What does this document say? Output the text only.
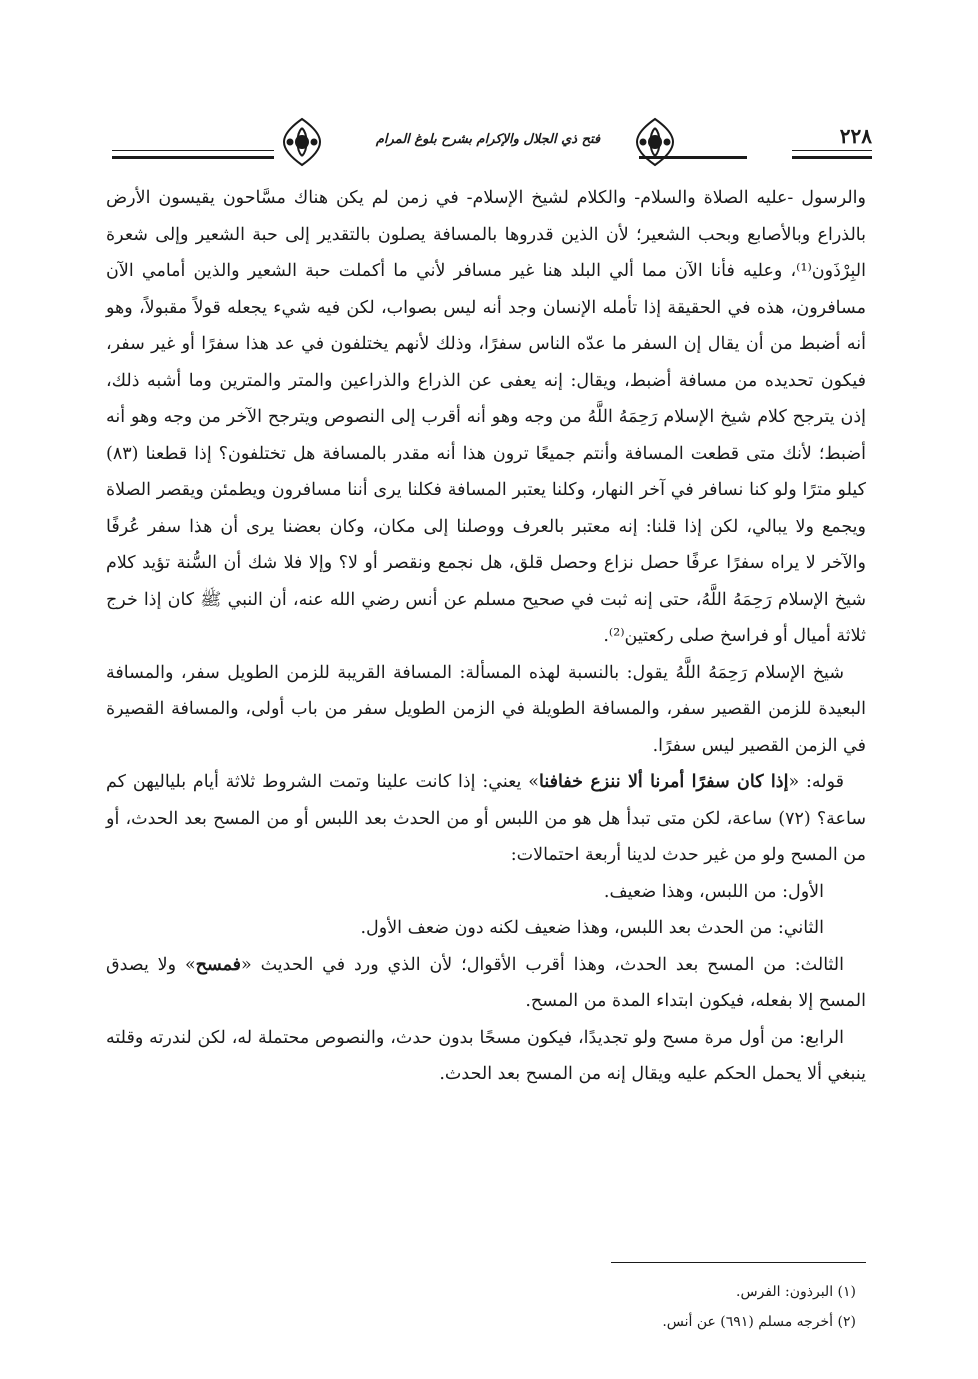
٢٢٨
فتح ذي الجلال والإكرام بشرح بلوغ المرام

والرسول -عليه الصلاة والسلام- والكلام لشيخ الإسلام- في زمن لم يكن هناك مسَّاحون يقيسون الأرض بالذراع وبالأصابع وبحب الشعير؛ لأن الذين قدروها بالمسافة يصلون بالتقدير إلى حبة الشعير وإلى شعرة البِرْذَون⁽¹⁾، وعليه فأنا الآن مما ألي البلد هنا غير مسافر لأني ما أكملت حبة الشعير والذين أمامي الآن مسافرون، هذه في الحقيقة إذا تأمله الإنسان وجد أنه ليس بصواب، لكن فيه شيء يجعله قولاً مقبولاً، وهو أنه أضبط من أن يقال إن السفر ما عدّه الناس سفرًا، وذلك لأنهم يختلفون في عد هذا سفرًا أو غير سفر، فيكون تحديده من مسافة أضبط، ويقال: إنه يعفى عن الذراع والذراعين والمتر والمترين وما أشبه ذلك، إذن يترجح كلام شيخ الإسلام رَحِمَهُ اللَّهُ من وجه وهو أنه أقرب إلى النصوص ويترجح الآخر من وجه وهو أنه أضبط؛ لأنك متى قطعت المسافة وأنتم جميعًا ترون هذا أنه مقدر بالمسافة هل تختلفون؟ إذا قطعنا (٨٣) كيلو مترًا ولو كنا نسافر في آخر النهار، وكلنا يعتبر المسافة فكلنا يرى أننا مسافرون ويطمئن ويقصر الصلاة ويجمع ولا يبالي، لكن إذا قلنا: إنه معتبر بالعرف ووصلنا إلى مكان، وكان بعضنا يرى أن هذا سفر عُرفًا والآخر لا يراه سفرًا عرفًا حصل نزاع وحصل قلق، هل نجمع ونقصر أو لا؟ وإلا فلا شك أن السُّنة تؤيد كلام شيخ الإسلام رَحِمَهُ اللَّهُ، حتى إنه ثبت في صحيح مسلم عن أنس رضي الله عنه، أن النبي ﷺ كان إذا خرج ثلاثة أميال أو فراسخ صلى ركعتين⁽²⁾.

شيخ الإسلام رَحِمَهُ اللَّهُ يقول: بالنسبة لهذه المسألة: المسافة القريبة للزمن الطويل سفر، والمسافة البعيدة للزمن القصير سفر، والمسافة الطويلة في الزمن الطويل سفر من باب أولى، والمسافة القصيرة في الزمن القصير ليس سفرًا.

قوله: «إذا كان سفرًا أمرنا ألا ننزع خفافنا» يعني: إذا كانت علينا وتمت الشروط ثلاثة أيام بلياليهن كم ساعة؟ (٧٢) ساعة، لكن متى تبدأ هل هو من اللبس أو من الحدث بعد اللبس أو من المسح بعد الحدث، أو من المسح ولو من غير حدث لدينا أربعة احتمالات:

الأول: من اللبس، وهذا ضعيف.

الثاني: من الحدث بعد اللبس، وهذا ضعيف لكنه دون ضعف الأول.

الثالث: من المسح بعد الحدث، وهذا أقرب الأقوال؛ لأن الذي ورد في الحديث «فمسح» ولا يصدق المسح إلا بفعله، فيكون ابتداء المدة من المسح.

الرابع: من أول مرة مسح ولو تجديدًا، فيكون مسحًا بدون حدث، والنصوص محتملة له، لكن لندرته وقلته ينبغي ألا يحمل الحكم عليه ويقال إنه من المسح بعد الحدث.

(١) البرذون: الفرس.

(٢) أخرجه مسلم (٦٩١) عن أنس.
